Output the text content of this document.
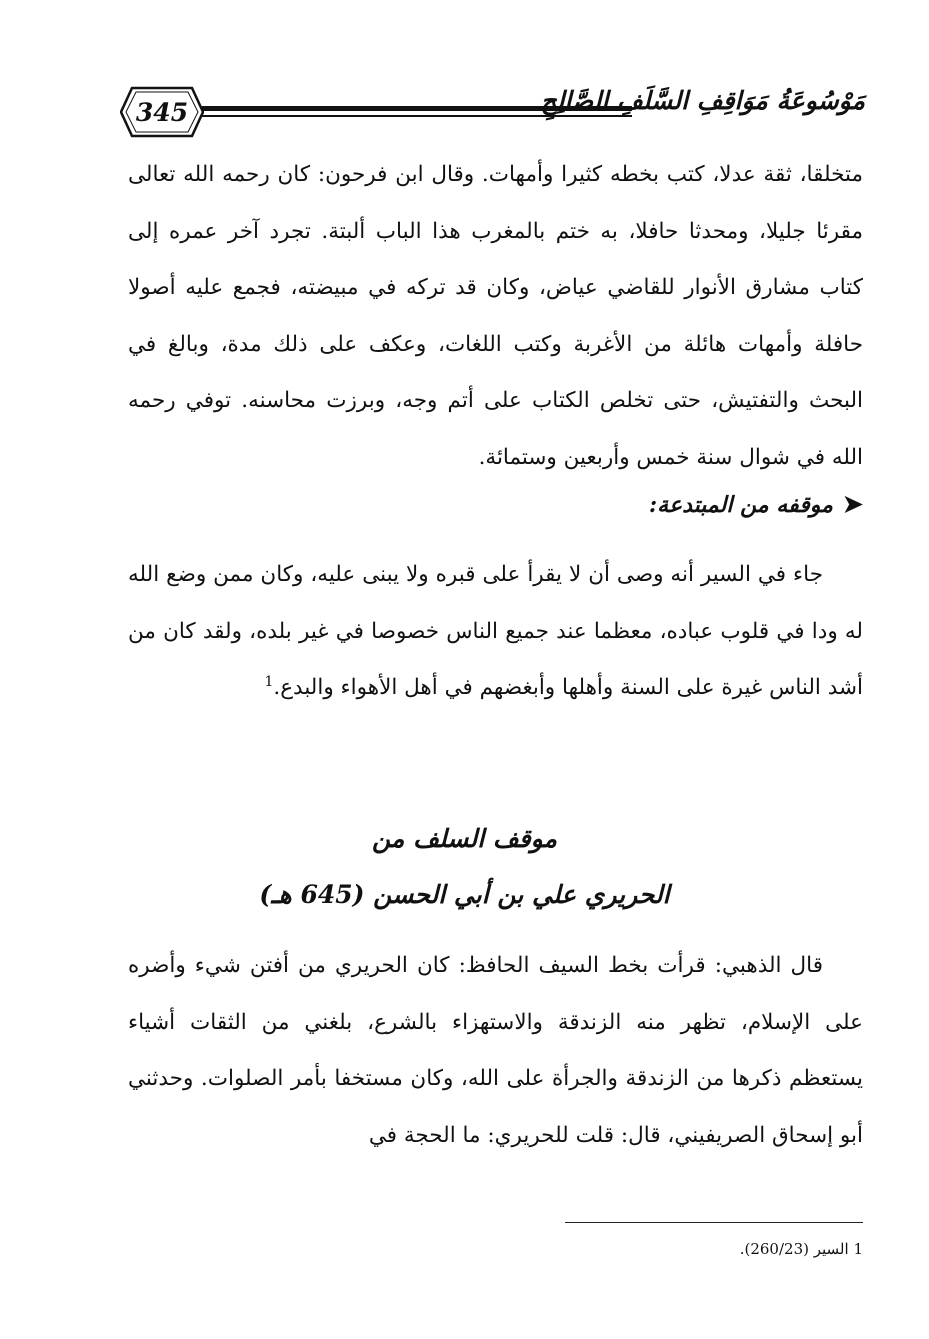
345	مَوْسُوعَةُ مَوَاقِفِ السَّلَفِ الصَّالِحِ

متخلقا، ثقة عدلا، كتب بخطه كثيرا وأمهات. وقال ابن فرحون: كان رحمه الله تعالى مقرئا جليلا، ومحدثا حافلا، به ختم بالمغرب هذا الباب ألبتة. تجرد آخر عمره إلى كتاب مشارق الأنوار للقاضي عياض، وكان قد تركه في مبيضته، فجمع عليه أصولا حافلة وأمهات هائلة من الأغربة وكتب اللغات، وعكف على ذلك مدة، وبالغ في البحث والتفتيش، حتى تخلص الكتاب على أتم وجه، وبرزت محاسنه. توفي رحمه الله في شوال سنة خمس وأربعين وستمائة.

➤موقفه من المبتدعة:

جاء في السير أنه وصى أن لا يقرأ على قبره ولا يبنى عليه، وكان ممن وضع الله له ودا في قلوب عباده، معظما عند جميع الناس خصوصا في غير بلده، ولقد كان من أشد الناس غيرة على السنة وأهلها وأبغضهم في أهل الأهواء والبدع.$^1$

موقف السلف من
الحريري علي بن أبي الحسن (645 هـ)

قال الذهبي: قرأت بخط السيف الحافظ: كان الحريري من أفتن شيء وأضره على الإسلام، تظهر منه الزندقة والاستهزاء بالشرع، بلغني من الثقات أشياء يستعظم ذكرها من الزندقة والجرأة على الله، وكان مستخفا بأمر الصلوات. وحدثني أبو إسحاق الصريفيني، قال: قلت للحريري: ما الحجة في

1 السير (260/23).
